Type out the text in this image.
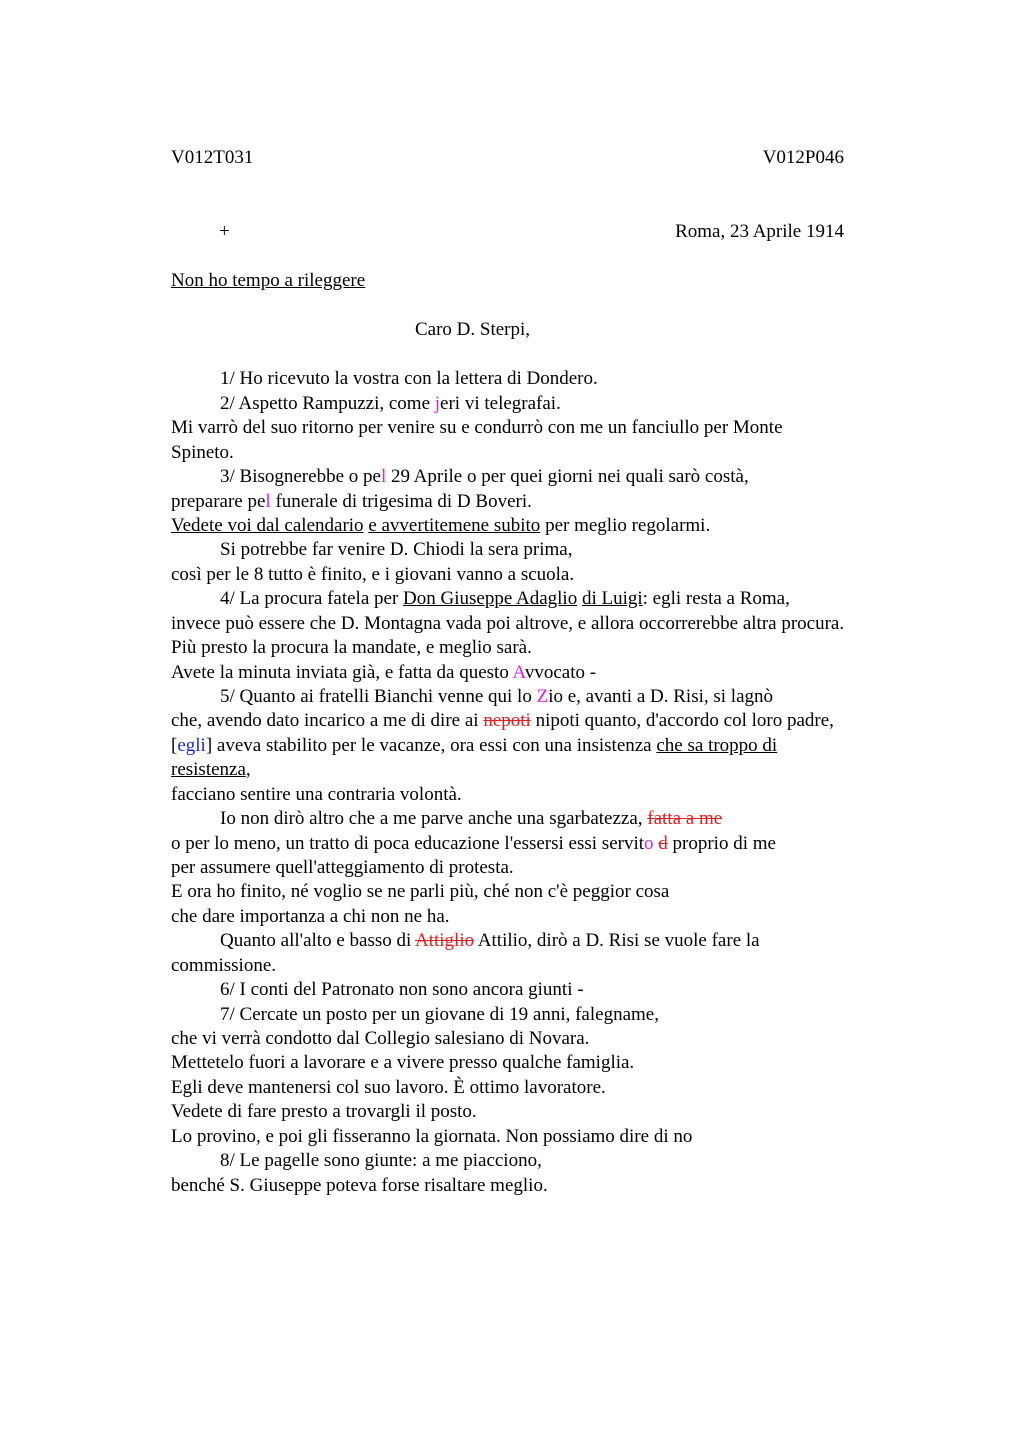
V012T031	V012P046
+	Roma, 23 Aprile 1914
Non ho tempo a rileggere
Caro D. Sterpi,
1/ Ho ricevuto la vostra con la lettera di Dondero.
2/ Aspetto Rampuzzi, come jeri vi telegrafai.
Mi varrò del suo ritorno per venire su e condurrò con me un fanciullo per Monte
Spineto.
3/ Bisognerebbe o pel 29 Aprile o per quei giorni nei quali sarò costà,
preparare pel funerale di trigesima di D Boveri.
Vedete voi dal calendario e avvertitemene subito per meglio regolarmi.
Si potrebbe far venire D. Chiodi la sera prima,
così per le 8 tutto è finito, e i giovani vanno a scuola.
4/ La procura fatela per Don Giuseppe Adaglio di Luigi: egli resta a Roma,
invece può essere che D. Montagna vada poi altrove, e allora occorrerebbe altra procura.
Più presto la procura la mandate, e meglio sarà.
Avete la minuta inviata già, e fatta da questo Avvocato -
5/ Quanto ai fratelli Bianchi venne qui lo Zio e, avanti a D. Risi, si lagnò
che, avendo dato incarico a me di dire ai nepoti nipoti quanto, d'accordo col loro padre,
[egli] aveva stabilito per le vacanze, ora essi con una insistenza che sa troppo di
resistenza,
facciano sentire una contraria volontà.
Io non dirò altro che a me parve anche una sgarbatezza, fatta a me
o per lo meno, un tratto di poca educazione l'essersi essi servito d proprio di me
per assumere quell'atteggiamento di protesta.
E ora ho finito, né voglio se ne parli più, ché non c'è peggior cosa
che dare importanza a chi non ne ha.
Quanto all'alto e basso di Attiglio Attilio, dirò a D. Risi se vuole fare la
commissione.
6/ I conti del Patronato non sono ancora giunti -
7/ Cercate un posto per un giovane di 19 anni, falegname,
che vi verrà condotto dal Collegio salesiano di Novara.
Mettetelo fuori a lavorare e a vivere presso qualche famiglia.
Egli deve mantenersi col suo lavoro. È ottimo lavoratore.
Vedete di fare presto a trovargli il posto.
Lo provino, e poi gli fisseranno la giornata. Non possiamo dire di no
8/ Le pagelle sono giunte: a me piacciono,
benché S. Giuseppe poteva forse risaltare meglio.
